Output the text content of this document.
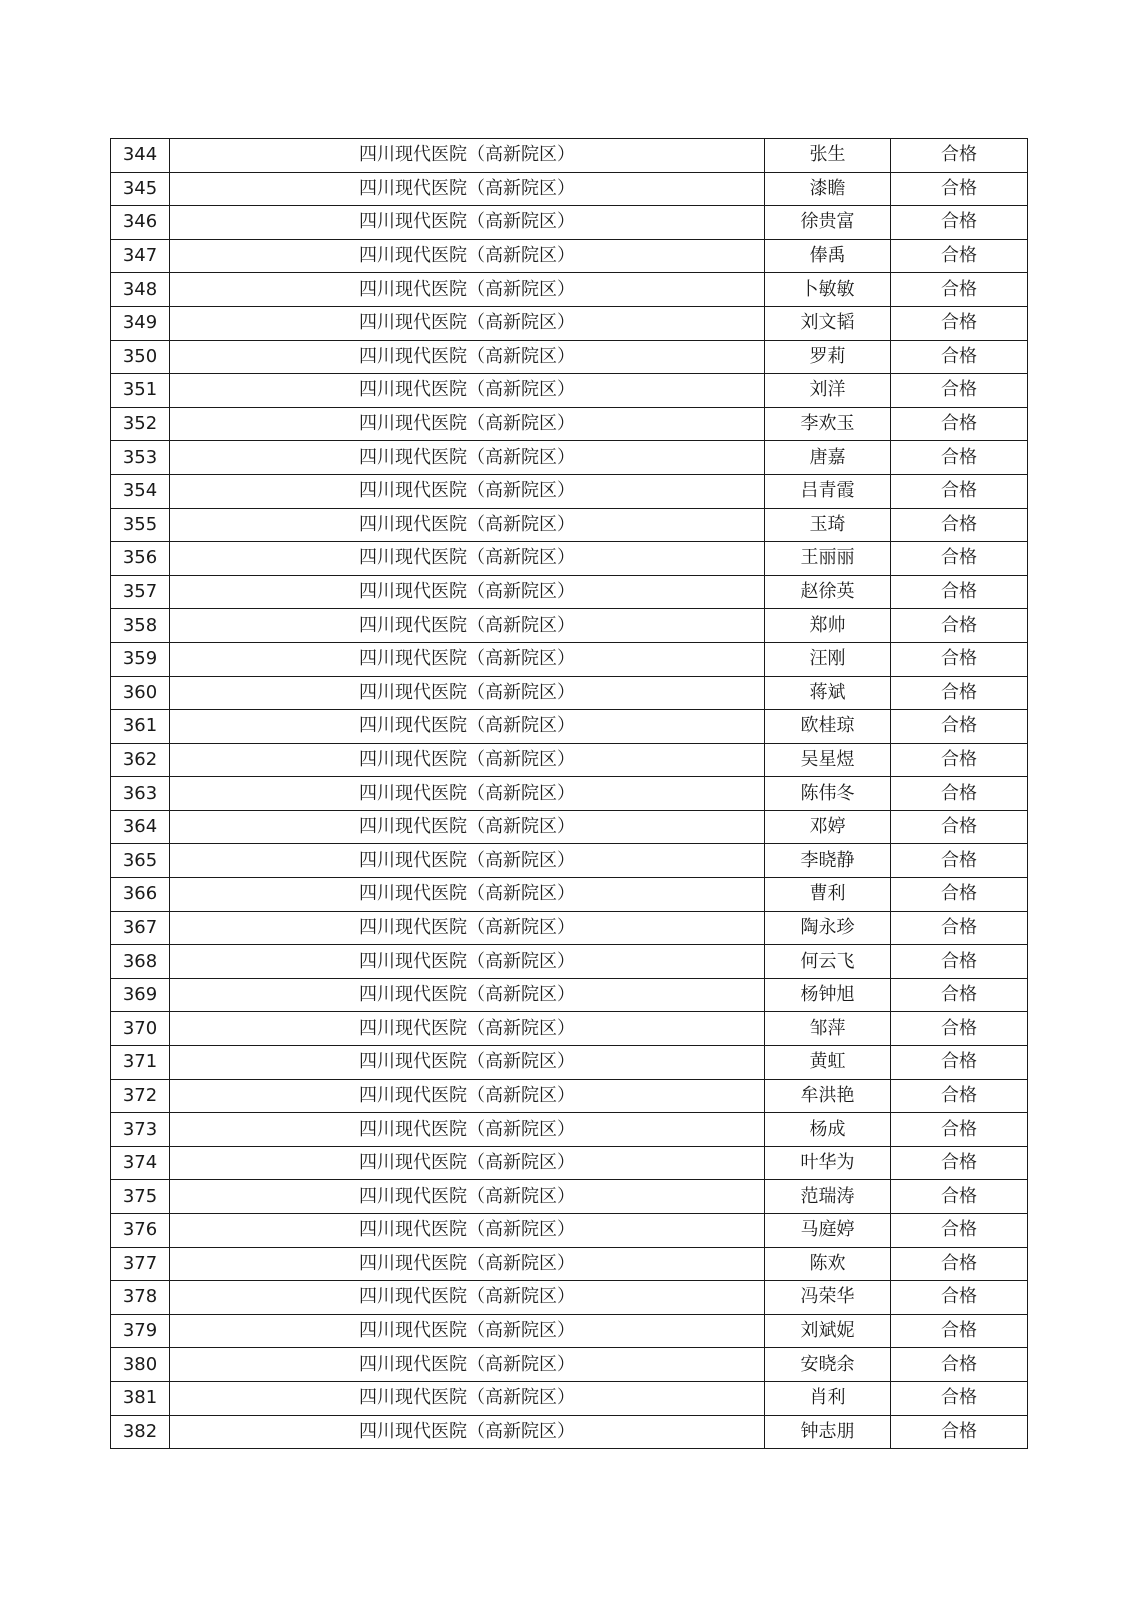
344	四川现代医院（高新院区）	张生	合格
345	四川现代医院（高新院区）	漆瞻	合格
346	四川现代医院（高新院区）	徐贵富	合格
347	四川现代医院（高新院区）	俸禹	合格
348	四川现代医院（高新院区）	卜敏敏	合格
349	四川现代医院（高新院区）	刘文韬	合格
350	四川现代医院（高新院区）	罗莉	合格
351	四川现代医院（高新院区）	刘洋	合格
352	四川现代医院（高新院区）	李欢玉	合格
353	四川现代医院（高新院区）	唐嘉	合格
354	四川现代医院（高新院区）	吕青霞	合格
355	四川现代医院（高新院区）	玉琦	合格
356	四川现代医院（高新院区）	王丽丽	合格
357	四川现代医院（高新院区）	赵徐英	合格
358	四川现代医院（高新院区）	郑帅	合格
359	四川现代医院（高新院区）	汪刚	合格
360	四川现代医院（高新院区）	蒋斌	合格
361	四川现代医院（高新院区）	欧桂琼	合格
362	四川现代医院（高新院区）	吴星煜	合格
363	四川现代医院（高新院区）	陈伟冬	合格
364	四川现代医院（高新院区）	邓婷	合格
365	四川现代医院（高新院区）	李晓静	合格
366	四川现代医院（高新院区）	曹利	合格
367	四川现代医院（高新院区）	陶永珍	合格
368	四川现代医院（高新院区）	何云飞	合格
369	四川现代医院（高新院区）	杨钟旭	合格
370	四川现代医院（高新院区）	邹萍	合格
371	四川现代医院（高新院区）	黄虹	合格
372	四川现代医院（高新院区）	牟洪艳	合格
373	四川现代医院（高新院区）	杨成	合格
374	四川现代医院（高新院区）	叶华为	合格
375	四川现代医院（高新院区）	范瑞涛	合格
376	四川现代医院（高新院区）	马庭婷	合格
377	四川现代医院（高新院区）	陈欢	合格
378	四川现代医院（高新院区）	冯荣华	合格
379	四川现代医院（高新院区）	刘斌妮	合格
380	四川现代医院（高新院区）	安晓余	合格
381	四川现代医院（高新院区）	肖利	合格
382	四川现代医院（高新院区）	钟志朋	合格
